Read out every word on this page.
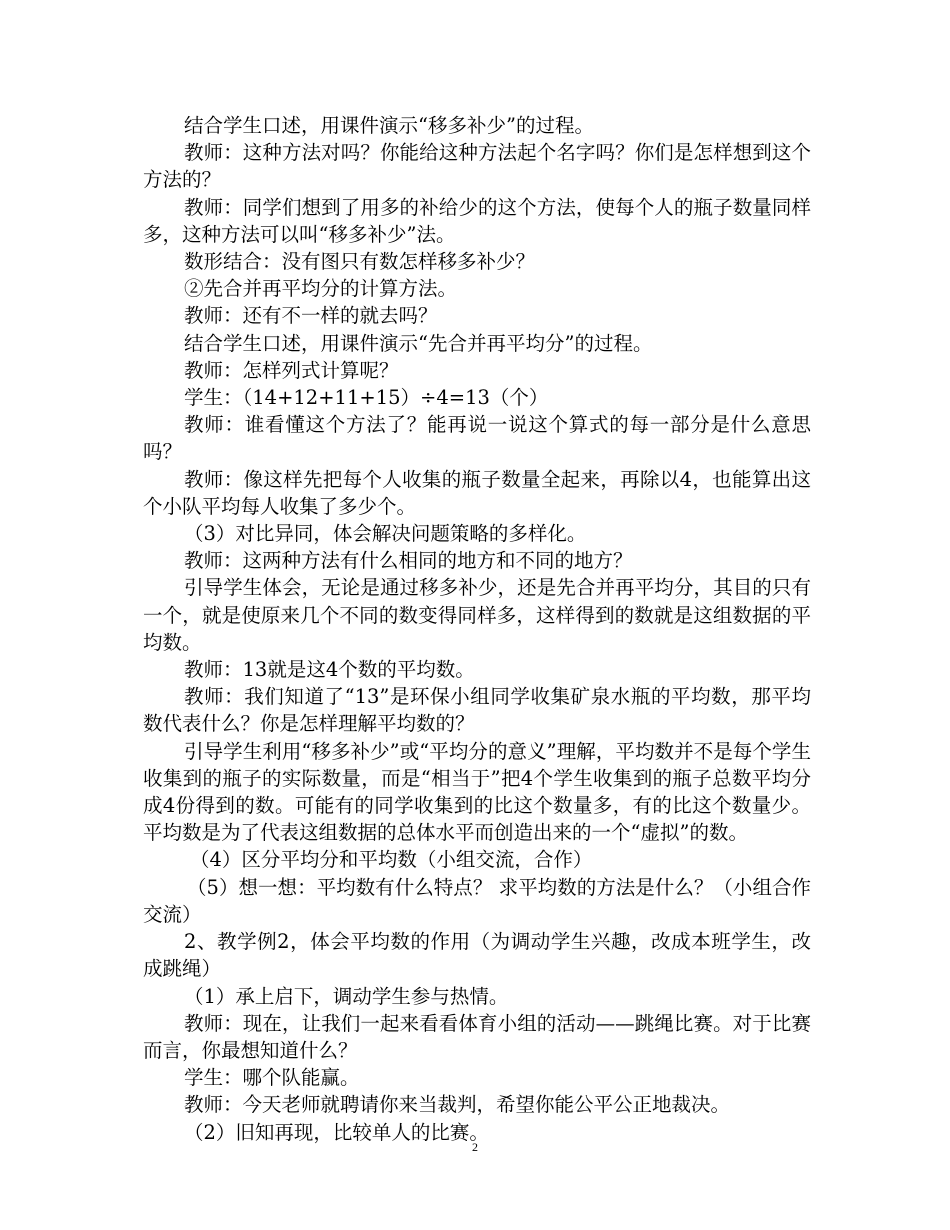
结合学生口述，用课件演示“移多补少”的过程。

教师：这种方法对吗？你能给这种方法起个名字吗？你们是怎样想到这个方法的？

教师：同学们想到了用多的补给少的这个方法，使每个人的瓶子数量同样多，这种方法可以叫“移多补少”法。

数形结合：没有图只有数怎样移多补少？

②先合并再平均分的计算方法。

教师：还有不一样的就去吗？

结合学生口述，用课件演示“先合并再平均分”的过程。

教师：怎样列式计算呢？

学生：（14+12+11+15）÷4=13（个）

教师：谁看懂这个方法了？能再说一说这个算式的每一部分是什么意思吗？

教师：像这样先把每个人收集的瓶子数量全起来，再除以4，也能算出这个小队平均每人收集了多少个。

（3）对比异同，体会解决问题策略的多样化。

教师：这两种方法有什么相同的地方和不同的地方？

引导学生体会，无论是通过移多补少，还是先合并再平均分，其目的只有一个，就是使原来几个不同的数变得同样多，这样得到的数就是这组数据的平均数。

教师：13就是这4个数的平均数。

教师：我们知道了“13”是环保小组同学收集矿泉水瓶的平均数，那平均数代表什么？你是怎样理解平均数的？

引导学生利用“移多补少”或“平均分的意义”理解，平均数并不是每个学生收集到的瓶子的实际数量，而是“相当于”把4个学生收集到的瓶子总数平均分成4份得到的数。可能有的同学收集到的比这个数量多，有的比这个数量少。平均数是为了代表这组数据的总体水平而创造出来的一个“虚拟”的数。

（4）区分平均分和平均数（小组交流，合作）

（5）想一想：平均数有什么特点？ 求平均数的方法是什么？（小组合作交流）

2、教学例2，体会平均数的作用（为调动学生兴趣，改成本班学生，改成跳绳）

（1）承上启下，调动学生参与热情。

教师：现在，让我们一起来看看体育小组的活动——跳绳比赛。对于比赛而言，你最想知道什么？

学生：哪个队能赢。

教师：今天老师就聘请你来当裁判，希望你能公平公正地裁决。

（2）旧知再现，比较单人的比赛。

2
